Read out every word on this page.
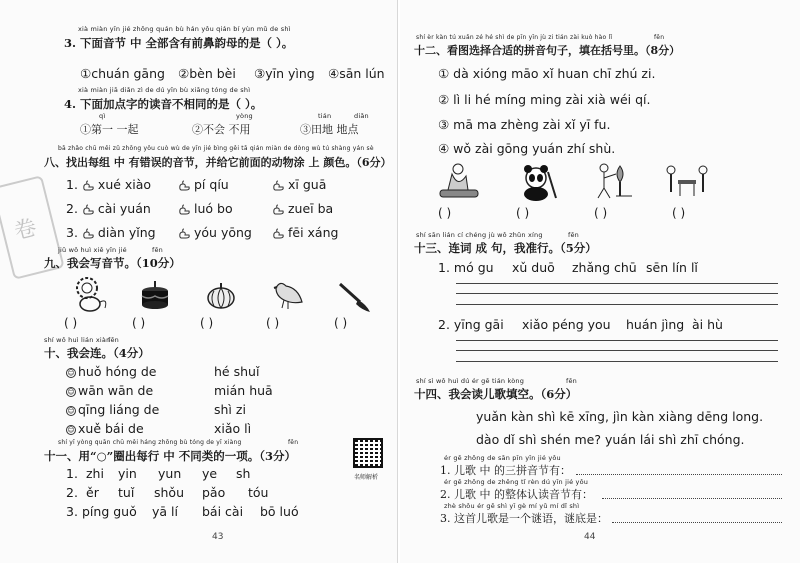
卷
xià miàn yīn jié zhōng quán bù hán yǒu qián bí yùn mǔ de shì
3. 下面音节 中 全部含有前鼻韵母的是（ ）。
①chuán gāng ②bèn bèi ③yīn yìng ④sān lún
xià miàn jiā diǎn zì de dú yīn bù xiāng tóng de shì
4. 下面加点字的读音不相同的是（ ）。
qì	yòng	tián	diǎn
①第一 一起	②不会 不用	③田地 地点
bā zhǎo chū měi zǔ zhōng yǒu cuò wù de yīn jié bìng gěi tā qián miàn de dòng wù tú shàng yán sè
八、找出每组 中 有错误的音节，并给它前面的动物涂 上 颜色。（6分）
1. xué xiào	pí qíu	xī guā
2. cài yuán	luó bo	zueī ba
3. diàn yǐng	yóu yōng	fēi xáng
jiǔ wǒ huì xiě yīn jié	fēn
九、我会写音节。（10分）
( )	( )	( )	( )	( )
shí wǒ huì lián xiàn
fēn
十、我会连。（4分）
☺ huǒ hóng de
☺ wān wān de
☺ qīng liáng de
☺ xuě bái de
hé shuǐ
mián huā
shì zi
xiǎo lì
shí yī yòng quān chū měi háng zhōng bù tóng de yī xiàng	fēn
十一、用“○”圈出每行 中 不同类的一项。（3分）
名师解析
1. zhi yin yun ye sh
2. ěr tuǐ shǒu pǎo tóu
3. píng guǒ yā lí bái cài bō luó
43
shí èr kàn tú xuǎn zé hé shì de pīn yīn jù zi tián zài kuò hào lǐ	fēn
十二、看图选择合适的拼音句子，填在括号里。（8分）
① dà xióng māo xǐ huan chī zhú zi.
② lì li hé míng ming zài xià wéi qí.
③ mā ma zhèng zài xǐ yī fu.
④ wǒ zài gōng yuán zhí shù.
( )	( )	( )	( )
shí sān lián cí chéng jù wǒ zhǔn xíng	fēn
十三、连词 成 句，我准行。（5分）
1. mó gu xǔ duō zhǎng chū sēn lín lǐ
2. yīng gāi xiǎo péng you huán jìng ài hù
shí sì wǒ huì dú ér gē tián kòng	fēn
十四、我会读儿歌填空。（6分）
yuǎn kàn shì kē xīng, jìn kàn xiàng dēng long.
dào dǐ shì shén me? yuán lái shì zhī chóng.
ér gē zhōng de sān pīn yīn jié yǒu
1. 儿歌 中 的三拼音节有：
ér gē zhōng de zhěng tǐ rèn dú yīn jié yǒu
2. 儿歌 中 的整体认读音节有：
zhè shǒu ér gē shì yī gè mí yǔ mí dǐ shì
3. 这首儿歌是一个谜语，谜底是：
44
